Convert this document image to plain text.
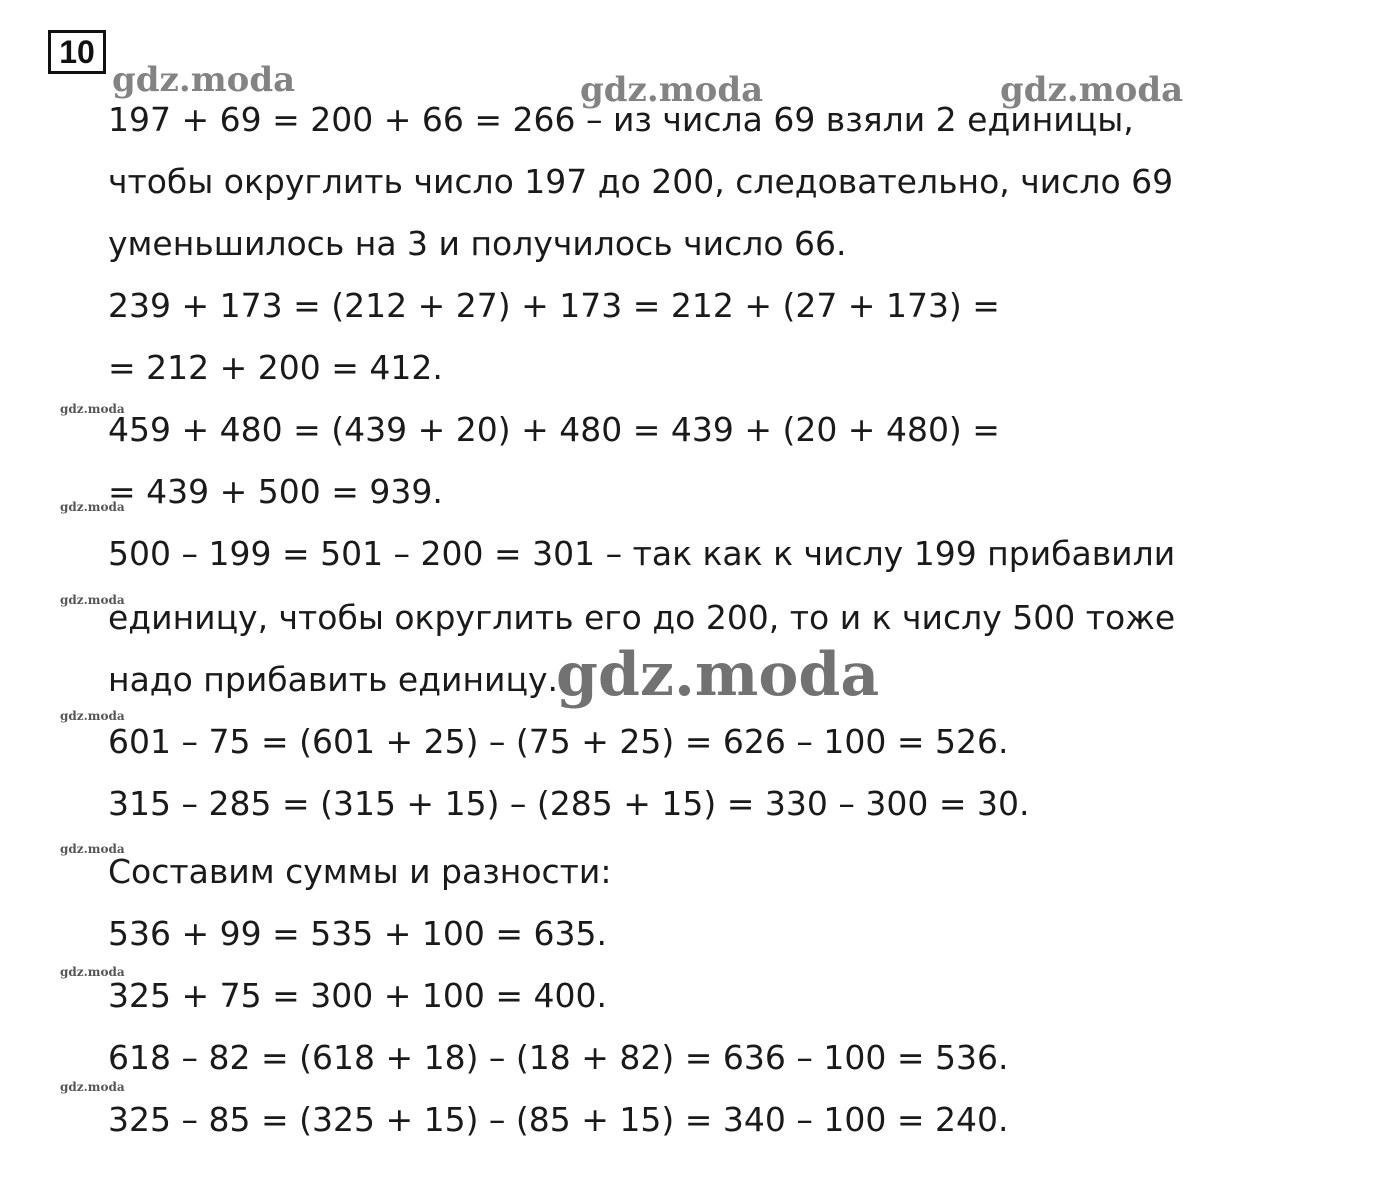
10
gdz.moda	gdz.moda	gdz.moda
gdz.moda
gdz.moda
gdz.moda
gdz.moda
gdz.moda
gdz.moda
gdz.moda
197 + 69 = 200 + 66 = 266 – из числа 69 взяли 2 единицы,
чтобы округлить число 197 до 200, следовательно, число 69
уменьшилось на 3 и получилось число 66.
239 + 173 = (212 + 27) + 173 = 212 + (27 + 173) =
= 212 + 200 = 412.
459 + 480 = (439 + 20) + 480 = 439 + (20 + 480) =
= 439 + 500 = 939.
500 – 199 = 501 – 200 = 301 – так как к числу 199 прибавили
единицу, чтобы округлить его до 200, то и к числу 500 тоже
надо прибавить единицу.
601 – 75 = (601 + 25) – (75 + 25) = 626 – 100 = 526.
315 – 285 = (315 + 15) – (285 + 15) = 330 – 300 = 30.
Составим суммы и разности:
536 + 99 = 535 + 100 = 635.
325 + 75 = 300 + 100 = 400.
618 – 82 = (618 + 18) – (18 + 82) = 636 – 100 = 536.
325 – 85 = (325 + 15) – (85 + 15) = 340 – 100 = 240.
gdz.moda
